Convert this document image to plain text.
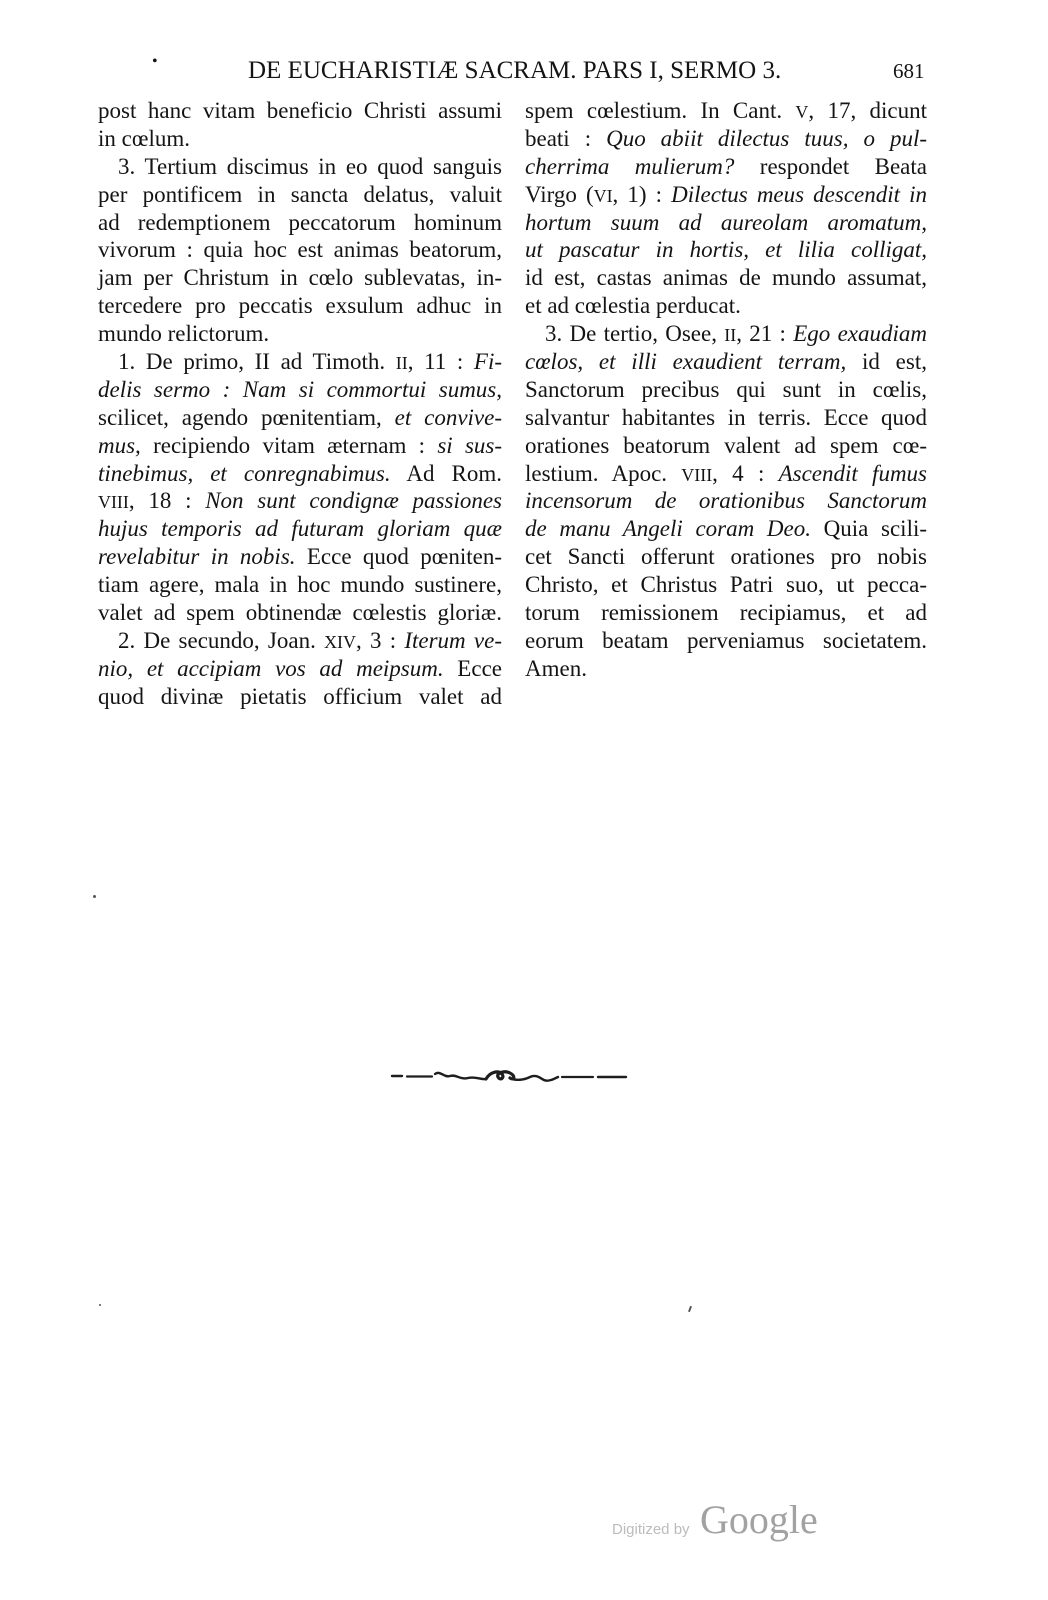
•	DE EUCHARISTIÆ SACRAM. PARS I, SERMO 3.	681
post hanc vitam beneficio Christi assumi
in cœlum.
3. Tertium discimus in eo quod sanguis
per pontificem in sancta delatus, valuit
ad redemptionem peccatorum hominum
vivorum : quia hoc est animas beatorum,
jam per Christum in cœlo sublevatas, in-
tercedere pro peccatis exsulum adhuc in
mundo relictorum.
1. De primo, II ad Timoth. II, 11 : Fi-
delis sermo : Nam si commortui sumus,
scilicet, agendo pœnitentiam, et convive-
mus, recipiendo vitam æternam : si sus-
tinebimus, et conregnabimus. Ad Rom.
VIII, 18 : Non sunt condignæ passiones
hujus temporis ad futuram gloriam quæ
revelabitur in nobis. Ecce quod pœniten-
tiam agere, mala in hoc mundo sustinere,
valet ad spem obtinendæ cœlestis gloriæ.
2. De secundo, Joan. XIV, 3 : Iterum ve-
nio, et accipiam vos ad meipsum. Ecce
quod divinæ pietatis officium valet ad
spem cœlestium. In Cant. V, 17, dicunt
beati : Quo abiit dilectus tuus, o pul-
cherrima mulierum? respondet Beata
Virgo (VI, 1) : Dilectus meus descendit in
hortum suum ad aureolam aromatum,
ut pascatur in hortis, et lilia colligat,
id est, castas animas de mundo assumat,
et ad cœlestia perducat.
3. De tertio, Osee, II, 21 : Ego exaudiam
cœlos, et illi exaudient terram, id est,
Sanctorum precibus qui sunt in cœlis,
salvantur habitantes in terris. Ecce quod
orationes beatorum valent ad spem cœ-
lestium. Apoc. VIII, 4 : Ascendit fumus
incensorum de orationibus Sanctorum
de manu Angeli coram Deo. Quia scili-
cet Sancti offerunt orationes pro nobis
Christo, et Christus Patri suo, ut pecca-
torum remissionem recipiamus, et ad
eorum beatam perveniamus societatem.
Amen.
Digitized by Google
